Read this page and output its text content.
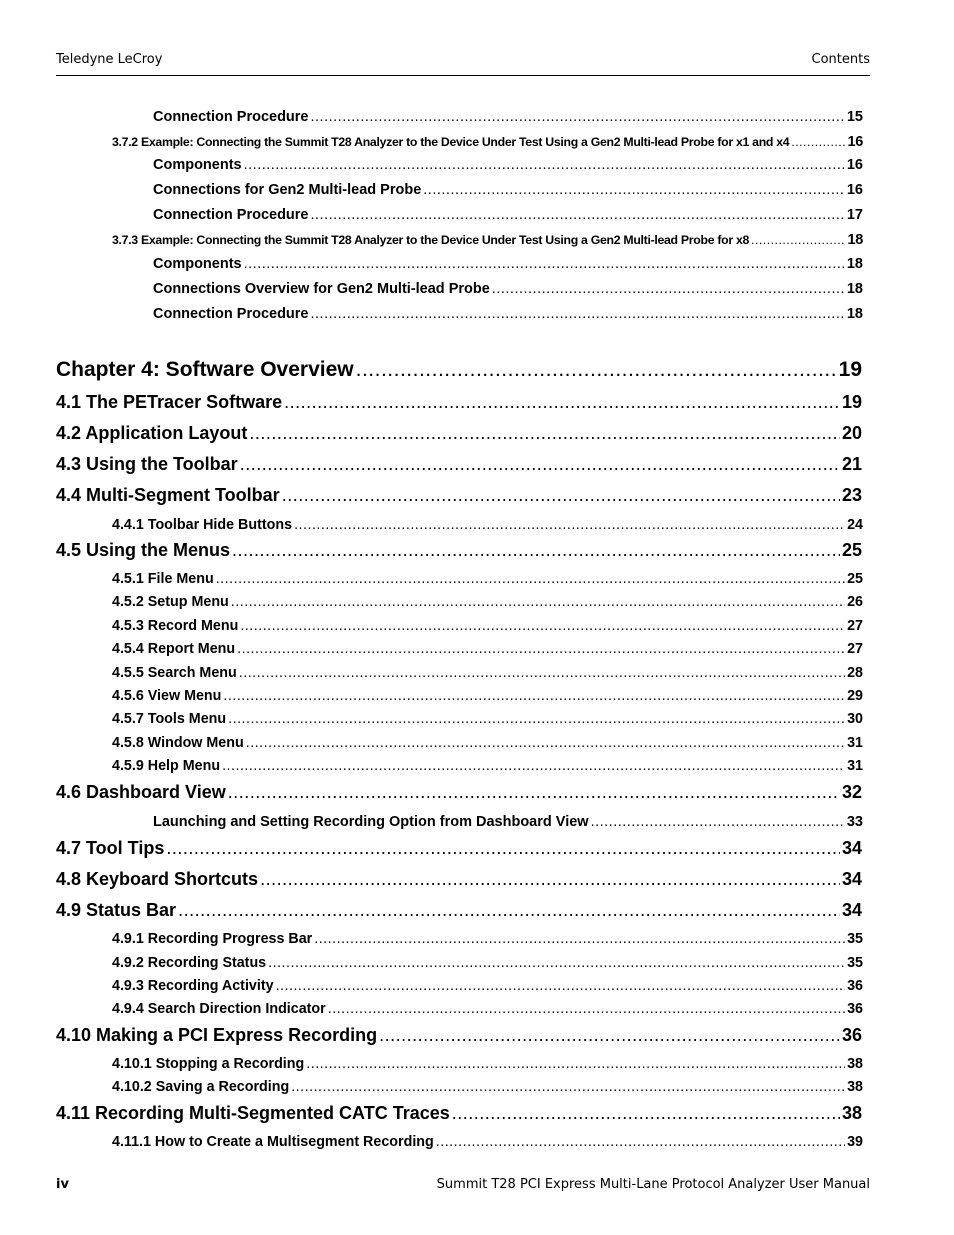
Teledyne LeCroy	Contents
Connection Procedure .....	15
3.7.2 Example: Connecting the Summit T28 Analyzer to the Device Under Test Using a Gen2 Multi-lead Probe for x1 and x4 .....	16
Components .....	16
Connections for Gen2 Multi-lead Probe .....	16
Connection Procedure .....	17
3.7.3 Example: Connecting the Summit T28 Analyzer to the Device Under Test Using a Gen2 Multi-lead Probe for x8 .....	18
Components .....	18
Connections Overview for Gen2 Multi-lead Probe .....	18
Connection Procedure .....	18
Chapter 4: Software Overview .....	19
4.1 The PETracer Software .....	19
4.2 Application Layout .....	20
4.3 Using the Toolbar .....	21
4.4 Multi-Segment Toolbar .....	23
4.4.1 Toolbar Hide Buttons .....	24
4.5 Using the Menus .....	25
4.5.1 File Menu .....	25
4.5.2 Setup Menu .....	26
4.5.3 Record Menu .....	27
4.5.4 Report Menu .....	27
4.5.5 Search Menu .....	28
4.5.6 View Menu .....	29
4.5.7 Tools Menu .....	30
4.5.8 Window Menu .....	31
4.5.9 Help Menu .....	31
4.6 Dashboard View .....	32
Launching and Setting Recording Option from Dashboard View .....	33
4.7 Tool Tips .....	34
4.8 Keyboard Shortcuts .....	34
4.9 Status Bar .....	34
4.9.1 Recording Progress Bar .....	35
4.9.2 Recording Status .....	35
4.9.3 Recording Activity .....	36
4.9.4 Search Direction Indicator .....	36
4.10 Making a PCI Express Recording .....	36
4.10.1 Stopping a Recording .....	38
4.10.2 Saving a Recording .....	38
4.11 Recording Multi-Segmented CATC Traces .....	38
4.11.1 How to Create a Multisegment Recording .....	39
iv	Summit T28 PCI Express Multi-Lane Protocol Analyzer User Manual
